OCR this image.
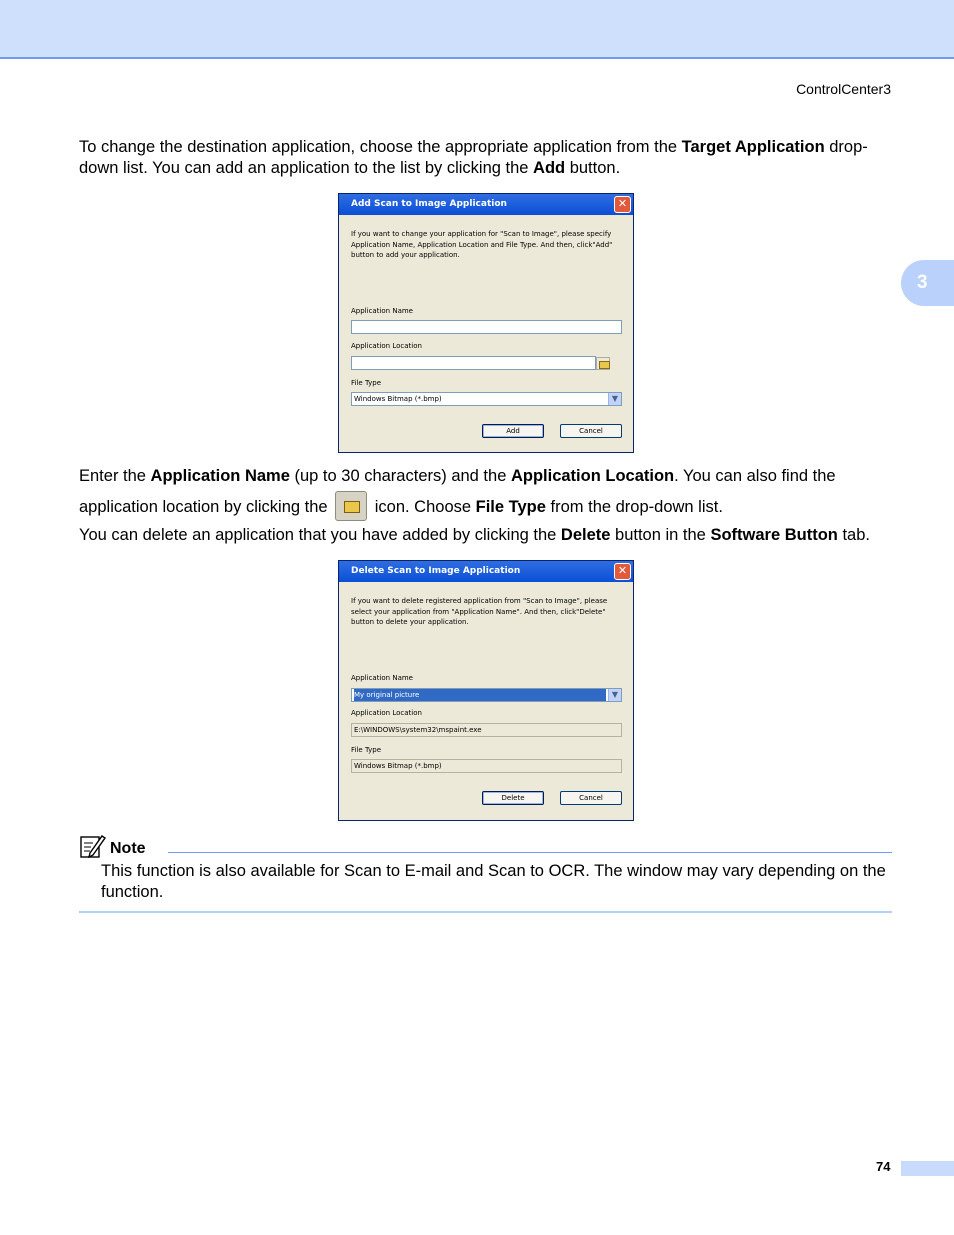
ControlCenter3
3
To change the destination application, choose the appropriate application from the Target Application drop-down list. You can add an application to the list by clicking the Add button.
Add Scan to Image Application	✕
If you want to change your application for "Scan to Image", please specify Application Name, Application Location and File Type. And then, click"Add" button to add your application.
Application Name
Application Location
File Type
Windows Bitmap (*.bmp)	▼
Add	Cancel
Enter the Application Name (up to 30 characters) and the Application Location. You can also find the application location by clicking the
icon. Choose File Type from the drop-down list.
You can delete an application that you have added by clicking the Delete button in the Software Button tab.
Delete Scan to Image Application	✕
If you want to delete registered application from "Scan to Image", please select your application from "Application Name". And then, click"Delete" button to delete your application.
Application Name
My original picture	▼
Application Location
E:\WINDOWS\system32\mspaint.exe
File Type
Windows Bitmap (*.bmp)
Delete	Cancel
Note
This function is also available for Scan to E-mail and Scan to OCR. The window may vary depending on the function.
74
